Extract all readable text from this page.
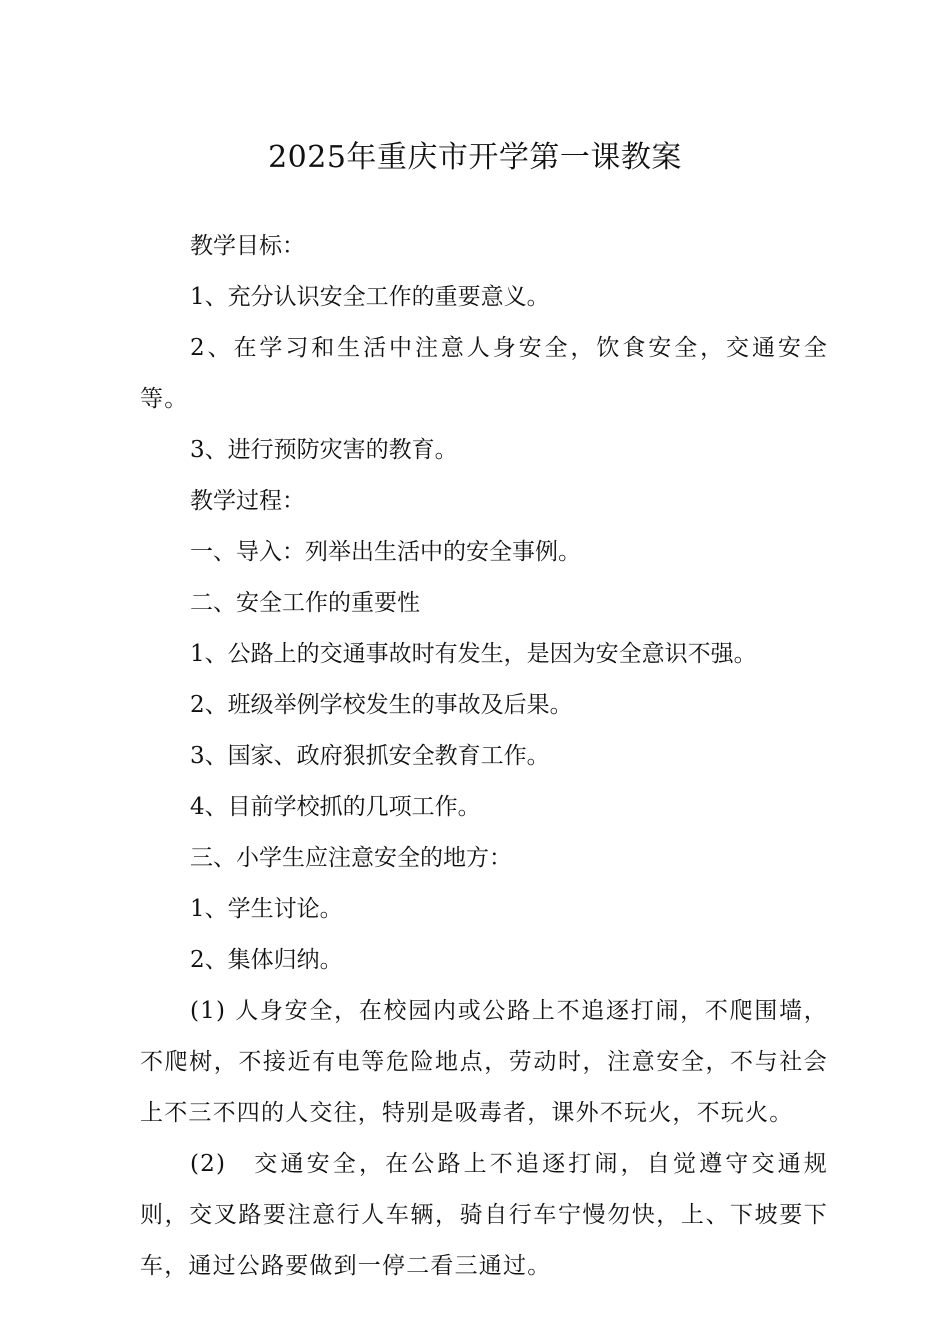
2025年重庆市开学第一课教案

教学目标：

1、充分认识安全工作的重要意义。

2、在学习和生活中注意人身安全，饮食安全，交通安全等。

3、进行预防灾害的教育。

教学过程：

一、导入：列举出生活中的安全事例。

二、安全工作的重要性

1、公路上的交通事故时有发生，是因为安全意识不强。

2、班级举例学校发生的事故及后果。

3、国家、政府狠抓安全教育工作。

4、目前学校抓的几项工作。

三、小学生应注意安全的地方：

1、学生讨论。

2、集体归纳。

(1) 人身安全，在校园内或公路上不追逐打闹，不爬围墙，不爬树，不接近有电等危险地点，劳动时，注意安全，不与社会上不三不四的人交往，特别是吸毒者，课外不玩火，不玩火。

(2)　交通安全，在公路上不追逐打闹，自觉遵守交通规则，交叉路要注意行人车辆，骑自行车宁慢勿快，上、下坡要下车，通过公路要做到一停二看三通过。
